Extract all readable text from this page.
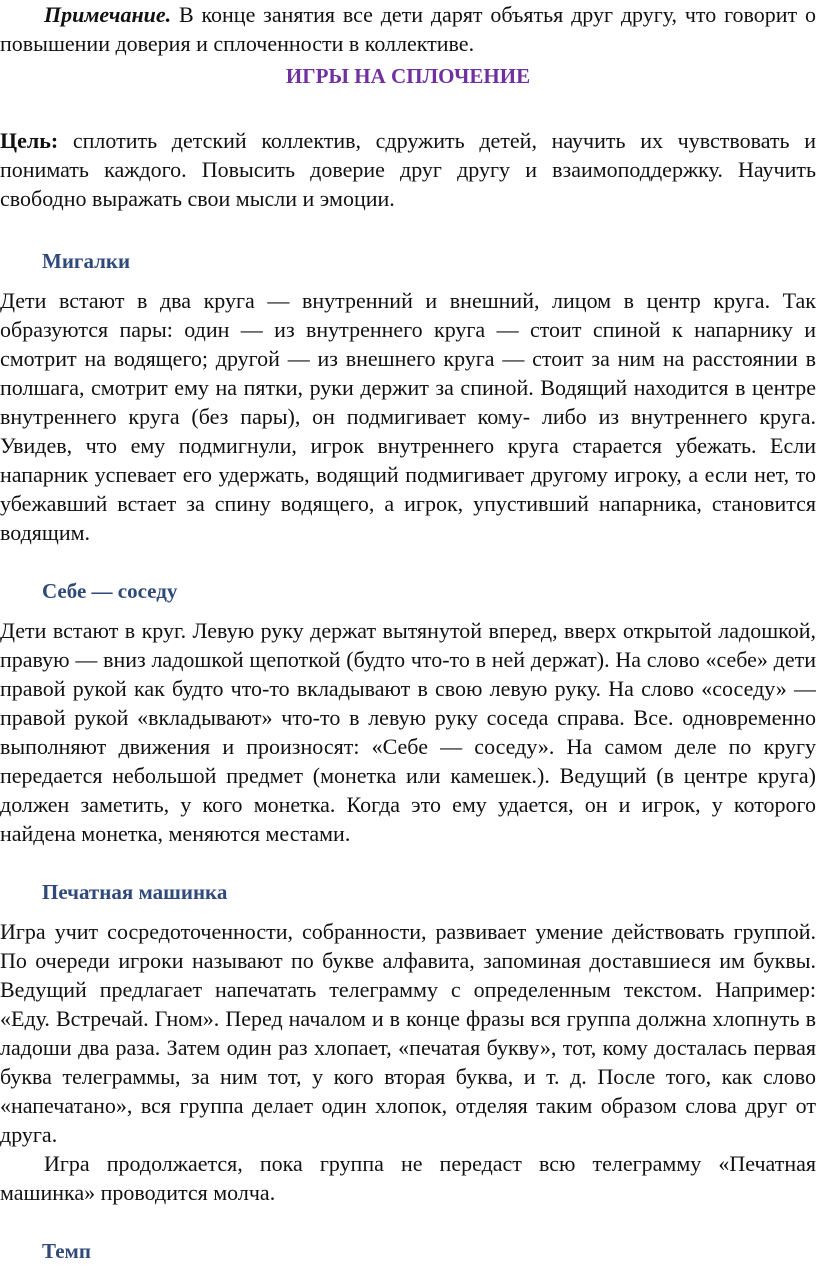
Примечание. В конце занятия все дети дарят объятья друг другу, что говорит о повышении доверия и сплоченности в коллективе.

ИГРЫ НА СПЛОЧЕНИЕ

Цель: сплотить детский коллектив, сдружить детей, научить их чувствовать и понимать каждого. Повысить доверие друг другу и взаимоподдержку. Научить свободно выражать свои мысли и эмоции.

Мигалки

Дети встают в два круга — внутренний и внешний, лицом в центр круга. Так образуются пары: один — из внутреннего круга — стоит спиной к напарнику и смотрит на водящего; другой — из внешнего круга — стоит за ним на расстоянии в полшага, смотрит ему на пятки, руки держит за спиной. Водящий находится в центре внутреннего круга (без пары), он подмигивает кому- либо из внутреннего круга. Увидев, что ему подмигнули, игрок внутреннего круга старается убежать. Если напарник успевает его удержать, водящий подмигивает другому игроку, а если нет, то убежавший встает за спину водящего, а игрок, упустивший напарника, становится водящим.

Себе — соседу

Дети встают в круг. Левую руку держат вытянутой вперед, вверх открытой ладошкой, правую — вниз ладошкой щепоткой (будто что-то в ней держат). На слово «себе» дети правой рукой как будто что-то вкладывают в свою левую руку. На слово «соседу» — правой рукой «вкладывают» что-то в левую руку соседа справа. Все. одновременно выполняют движения и произносят: «Себе — соседу». На самом деле по кругу передается небольшой предмет (монетка или камешек.). Ведущий (в центре круга) должен заметить, у кого монетка. Когда это ему удается, он и игрок, у которого найдена монетка, меняются местами.

Печатная машинка

Игра учит сосредоточенности, собранности, развивает умение действовать группой. По очереди игроки называют по букве алфавита, запоминая доставшиеся им буквы. Ведущий предлагает напечатать телеграмму с определенным текстом. Например: «Еду. Встречай. Гном». Перед началом и в конце фразы вся группа должна хлопнуть в ладоши два раза. Затем один раз хлопает, «печатая букву», тот, кому досталась первая буква телеграммы, за ним тот, у кого вторая буква, и т. д. После того, как слово «напечатано», вся группа делает один хлопок, отделяя таким образом слова друг от друга.

Игра продолжается, пока группа не передаст всю телеграмму «Печатная машинка» проводится молча.

Темп
